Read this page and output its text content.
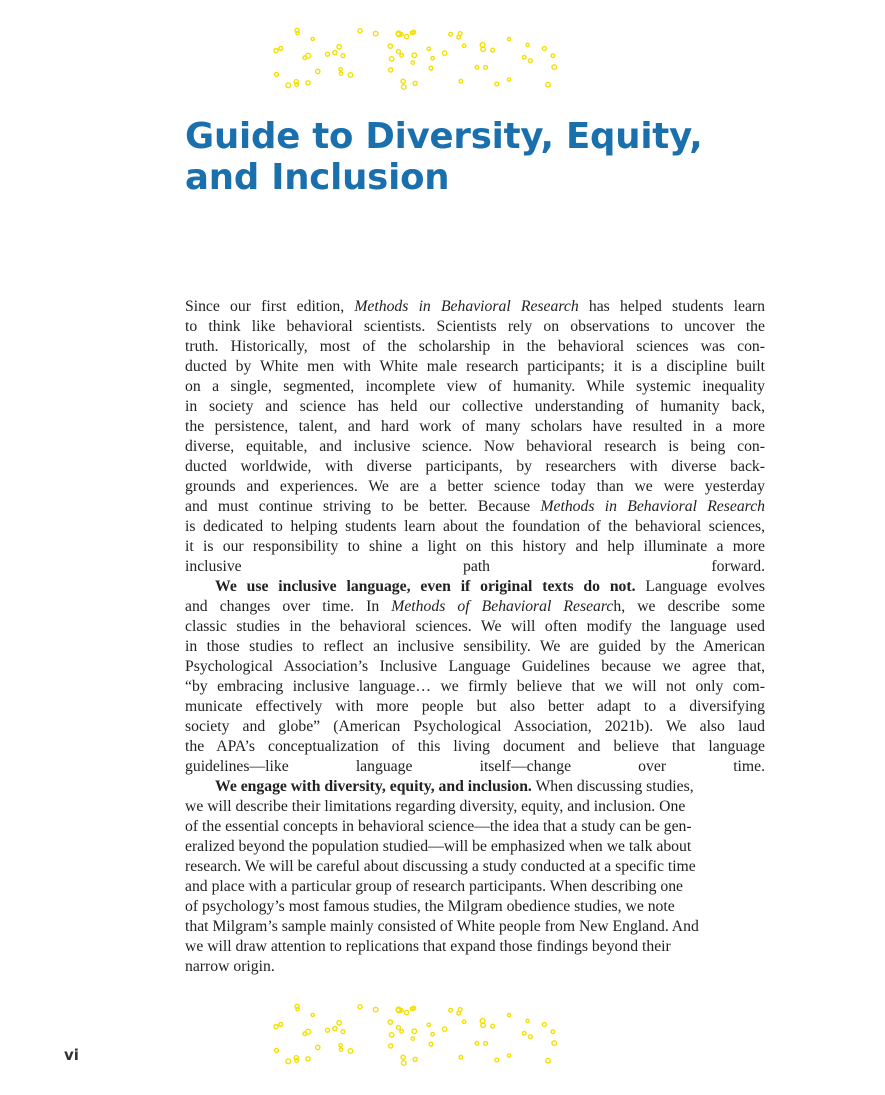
Guide to Diversity, Equity,
and Inclusion

Since our first edition, Methods in Behavioral Research has helped students learn
to think like behavioral scientists. Scientists rely on observations to uncover the
truth. Historically, most of the scholarship in the behavioral sciences was con-
ducted by White men with White male research participants; it is a discipline built
on a single, segmented, incomplete view of humanity. While systemic inequality
in society and science has held our collective understanding of humanity back,
the persistence, talent, and hard work of many scholars have resulted in a more
diverse, equitable, and inclusive science. Now behavioral research is being con-
ducted worldwide, with diverse participants, by researchers with diverse back-
grounds and experiences. We are a better science today than we were yesterday
and must continue striving to be better. Because Methods in Behavioral Research
is dedicated to helping students learn about the foundation of the behavioral sciences,
it is our responsibility to shine a light on this history and help illuminate a more
inclusive path forward.

We use inclusive language, even if original texts do not. Language evolves
and changes over time. In Methods of Behavioral Research, we describe some
classic studies in the behavioral sciences. We will often modify the language used
in those studies to reflect an inclusive sensibility. We are guided by the American
Psychological Association’s Inclusive Language Guidelines because we agree that,
“by embracing inclusive language… we firmly believe that we will not only com-
municate effectively with more people but also better adapt to a diversifying
society and globe” (American Psychological Association, 2021b). We also laud
the APA’s conceptualization of this living document and believe that language
guidelines—like language itself—change over time.

We engage with diversity, equity, and inclusion. When discussing studies,
we will describe their limitations regarding diversity, equity, and inclusion. One
of the essential concepts in behavioral science—the idea that a study can be gen-
eralized beyond the population studied—will be emphasized when we talk about
research. We will be careful about discussing a study conducted at a specific time
and place with a particular group of research participants. When describing one
of psychology’s most famous studies, the Milgram obedience studies, we note
that Milgram’s sample mainly consisted of White people from New England. And
we will draw attention to replications that expand those findings beyond their
narrow origin.

vi
